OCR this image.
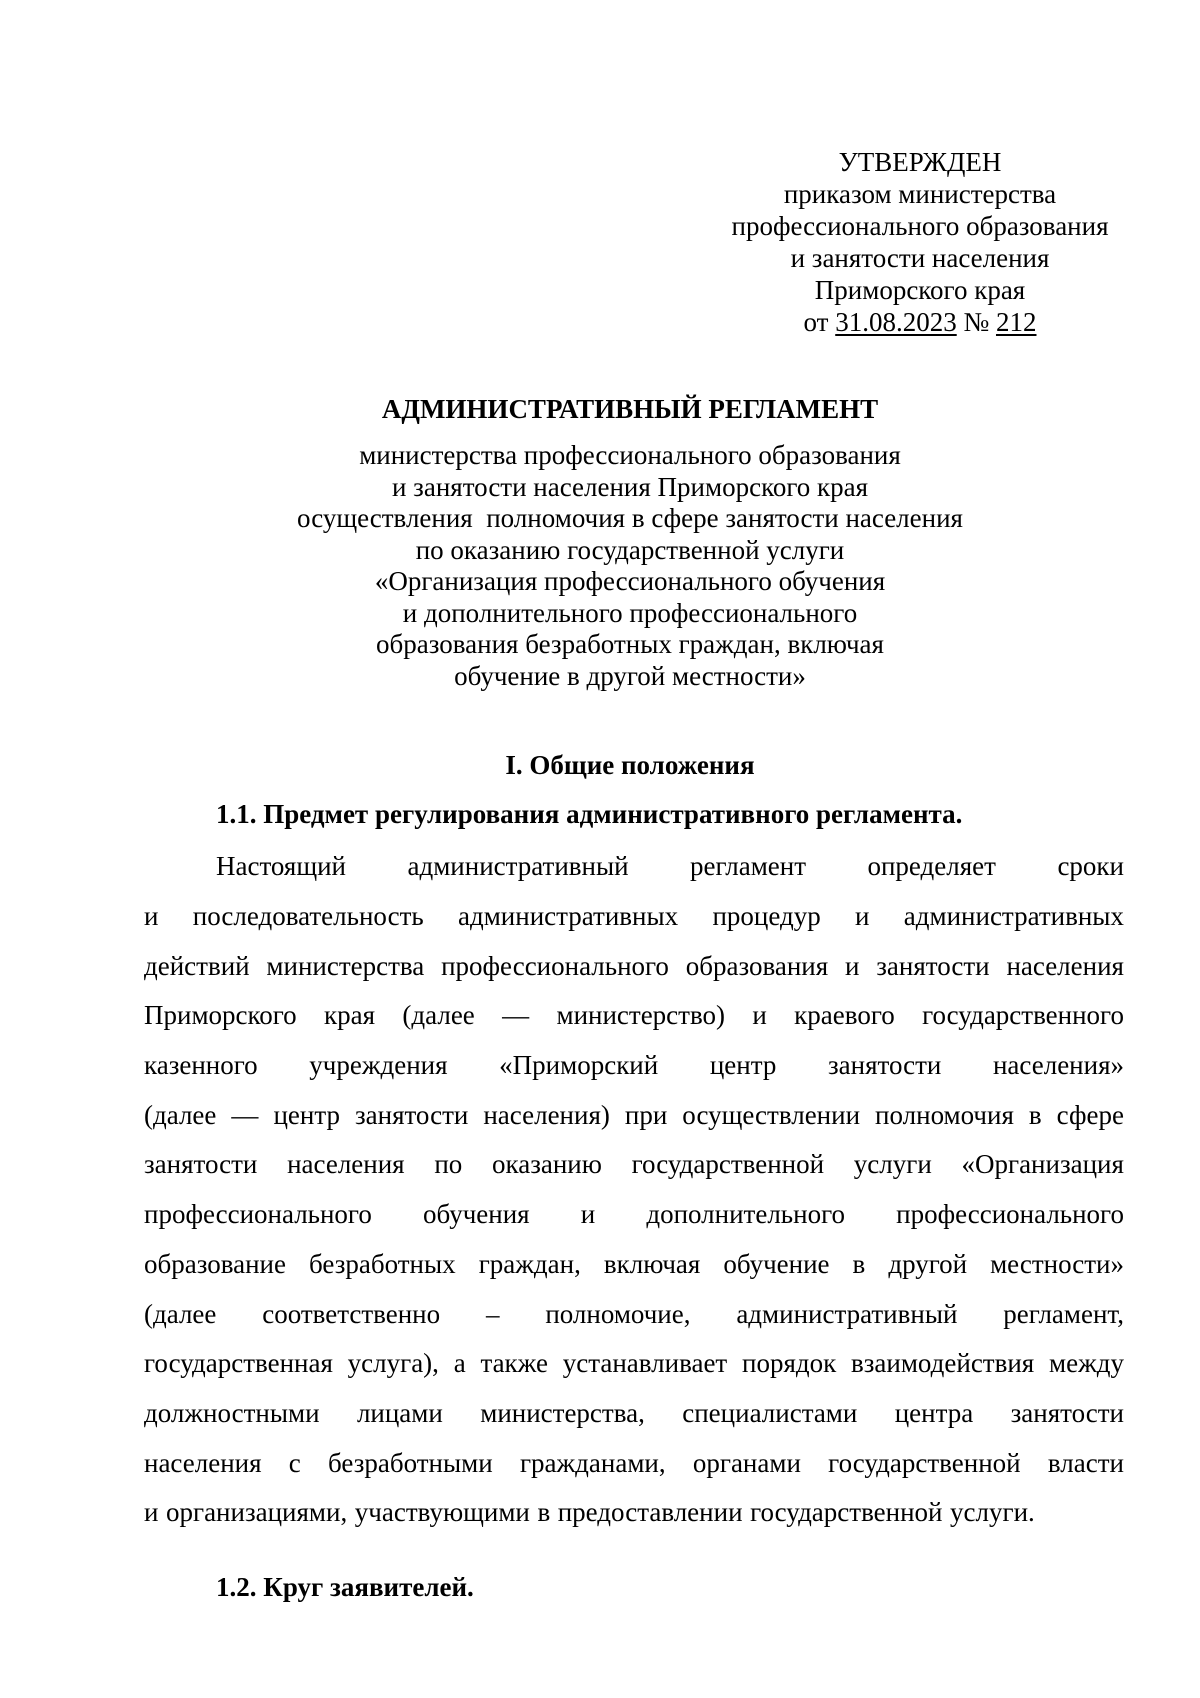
УТВЕРЖДЕН
приказом министерства
профессионального образования
и занятости населения
Приморского края
от 31.08.2023 № 212
АДМИНИСТРАТИВНЫЙ РЕГЛАМЕНТ
министерства профессионального образования
и занятости населения Приморского края
осуществления  полномочия в сфере занятости населения
по оказанию государственной услуги
«Организация профессионального обучения
и дополнительного профессионального
образования безработных граждан, включая
обучение в другой местности»
I. Общие положения
1.1. Предмет регулирования административного регламента.
Настоящий административный регламент определяет сроки
и последовательность административных процедур и административных
действий министерства профессионального образования и занятости населения
Приморского края (далее — министерство) и краевого государственного
казенного учреждения «Приморский центр занятости населения»
(далее — центр занятости населения) при осуществлении полномочия в сфере
занятости населения по оказанию государственной услуги «Организация
профессионального обучения и дополнительного профессионального
образование безработных граждан, включая обучение в другой местности»
(далее соответственно – полномочие, административный регламент,
государственная услуга), а также устанавливает порядок взаимодействия между
должностными лицами министерства, специалистами центра занятости
населения с безработными гражданами, органами государственной власти
и организациями, участвующими в предоставлении государственной услуги.
1.2. Круг заявителей.
